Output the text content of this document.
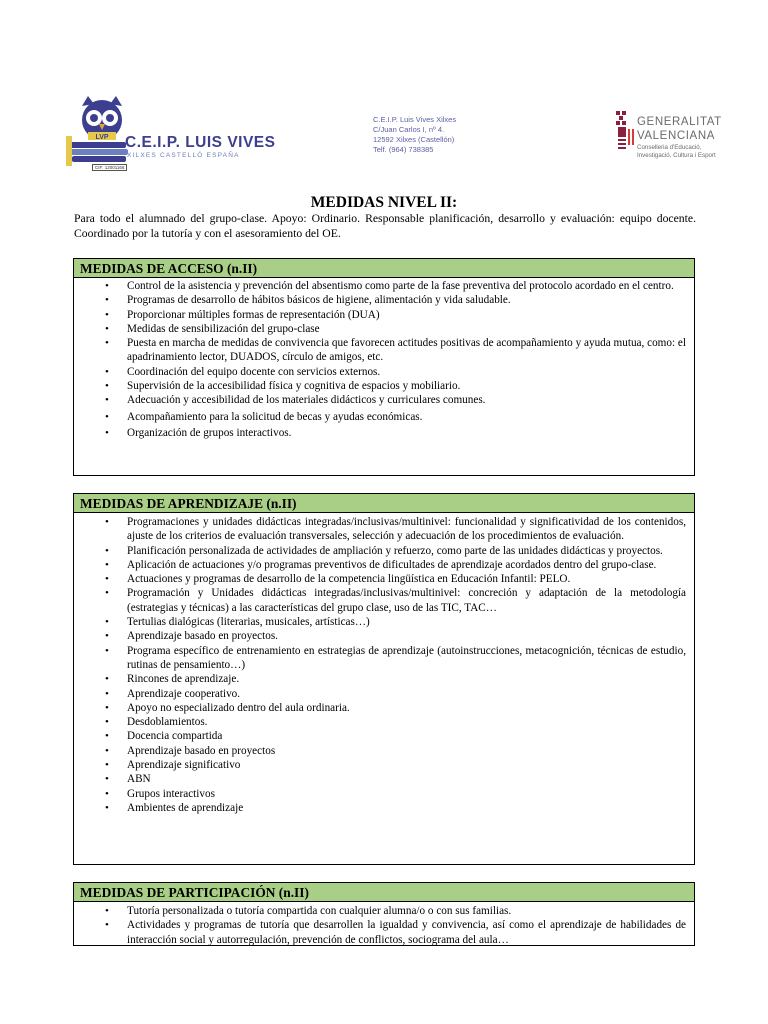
LVP C.E.I.P. LUIS VIVES
XILXES CASTELLÓ ESPAÑA
CIF: 12001166
C.E.I.P. Luis Vives Xilxes
C/Juan Carlos I, nº 4.
12592 Xilxes (Castellón)
Telf. (964) 738385
GENERALITAT
VALENCIANA
Conselleria d'Educació,
Investigació, Cultura i Esport
MEDIDAS NIVEL II:
Para todo el alumnado del grupo-clase. Apoyo: Ordinario. Responsable planificación, desarrollo y evaluación: equipo docente. Coordinado por la tutoría y con el asesoramiento del OE.
MEDIDAS DE ACCESO (n.II)
• Control de la asistencia y prevención del absentismo como parte de la fase preventiva del protocolo acordado en el centro.
• Programas de desarrollo de hábitos básicos de higiene, alimentación y vida saludable.
• Proporcionar múltiples formas de representación (DUA)
• Medidas de sensibilización del grupo-clase
• Puesta en marcha de medidas de convivencia que favorecen actitudes positivas de acompañamiento y ayuda mutua, como: el apadrinamiento lector, DUADOS, círculo de amigos, etc.
• Coordinación del equipo docente con servicios externos.
• Supervisión de la accesibilidad física y cognitiva de espacios y mobiliario.
• Adecuación y accesibilidad de los materiales didácticos y curriculares comunes.
• Acompañamiento para la solicitud de becas y ayudas económicas.
• Organización de grupos interactivos.
MEDIDAS DE APRENDIZAJE (n.II)
• Programaciones y unidades didácticas integradas/inclusivas/multinivel: funcionalidad y significatividad de los contenidos, ajuste de los criterios de evaluación transversales, selección y adecuación de los procedimientos de evaluación.
• Planificación personalizada de actividades de ampliación y refuerzo, como parte de las unidades didácticas y proyectos.
• Aplicación de actuaciones y/o programas preventivos de dificultades de aprendizaje acordados dentro del grupo-clase.
• Actuaciones y programas de desarrollo de la competencia lingüística en Educación Infantil: PELO.
• Programación y Unidades didácticas integradas/inclusivas/multinivel: concreción y adaptación de la metodología (estrategias y técnicas) a las características del grupo clase, uso de las TIC, TAC…
• Tertulias dialógicas (literarias, musicales, artísticas…)
• Aprendizaje basado en proyectos.
• Programa específico de entrenamiento en estrategias de aprendizaje (autoinstrucciones, metacognición, técnicas de estudio, rutinas de pensamiento…)
• Rincones de aprendizaje.
• Aprendizaje cooperativo.
• Apoyo no especializado dentro del aula ordinaria.
• Desdoblamientos.
• Docencia compartida
• Aprendizaje basado en proyectos
• Aprendizaje significativo
• ABN
• Grupos interactivos
• Ambientes de aprendizaje
MEDIDAS DE PARTICIPACIÓN (n.II)
• Tutoría personalizada o tutoría compartida con cualquier alumna/o o con sus familias.
• Actividades y programas de tutoría que desarrollen la igualdad y convivencia, así como el aprendizaje de habilidades de interacción social y autorregulación, prevención de conflictos, sociograma del aula…
